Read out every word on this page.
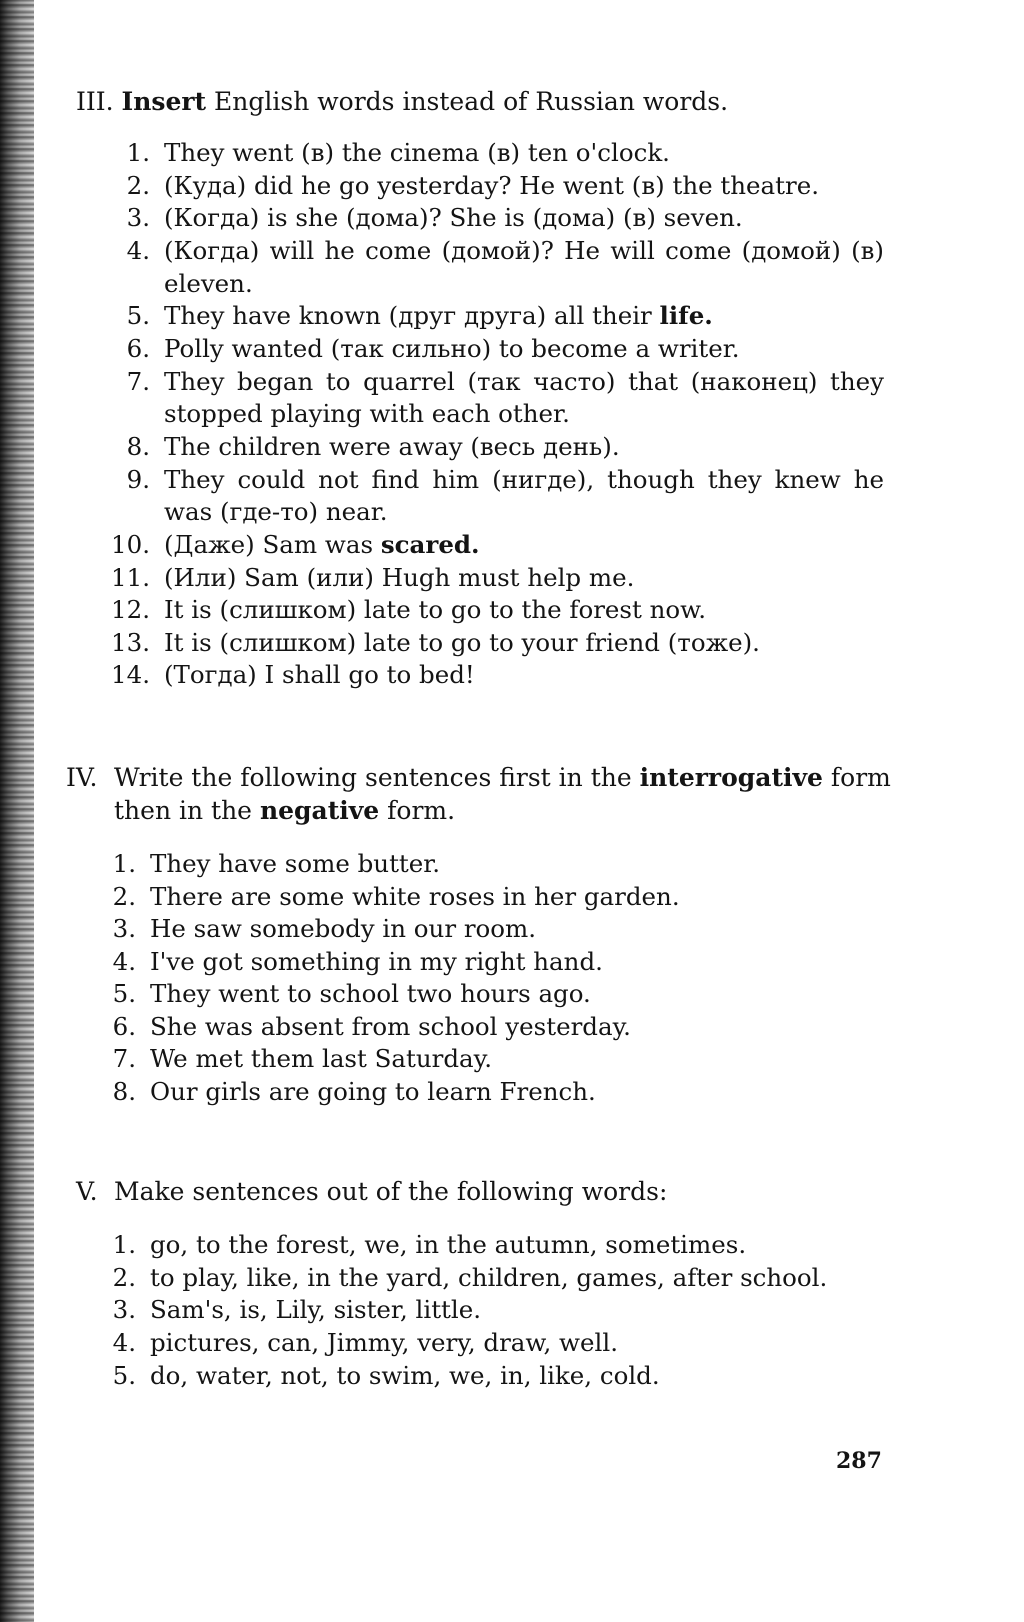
III. Insert English words instead of Russian words.
1. They went (в) the cinema (в) ten o'clock.
2. (Куда) did he go yesterday? He went (в) the theatre.
3. (Когда) is she (дома)? She is (дома) (в) seven.
4. (Когда) will he come (домой)? He will come (домой) (в)
eleven.
5. They have known (друг друга) all their life.
6. Polly wanted (так сильно) to become a writer.
7. They began to quarrel (так часто) that (наконец) they
stopped playing with each other.
8. The children were away (весь день).
9. They could not find him (нигде), though they knew he
was (где-то) near.
10. (Даже) Sam was scared.
11. (Или) Sam (или) Hugh must help me.
12. It is (слишком) late to go to the forest now.
13. It is (слишком) late to go to your friend (тоже).
14. (Тогда) I shall go to bed!
IV. Write the following sentences first in the interrogative form
then in the negative form.
1. They have some butter.
2. There are some white roses in her garden.
3. He saw somebody in our room.
4. I've got something in my right hand.
5. They went to school two hours ago.
6. She was absent from school yesterday.
7. We met them last Saturday.
8. Our girls are going to learn French.
V. Make sentences out of the following words:
1. go, to the forest, we, in the autumn, sometimes.
2. to play, like, in the yard, children, games, after school.
3. Sam's, is, Lily, sister, little.
4. pictures, can, Jimmy, very, draw, well.
5. do, water, not, to swim, we, in, like, cold.
287
